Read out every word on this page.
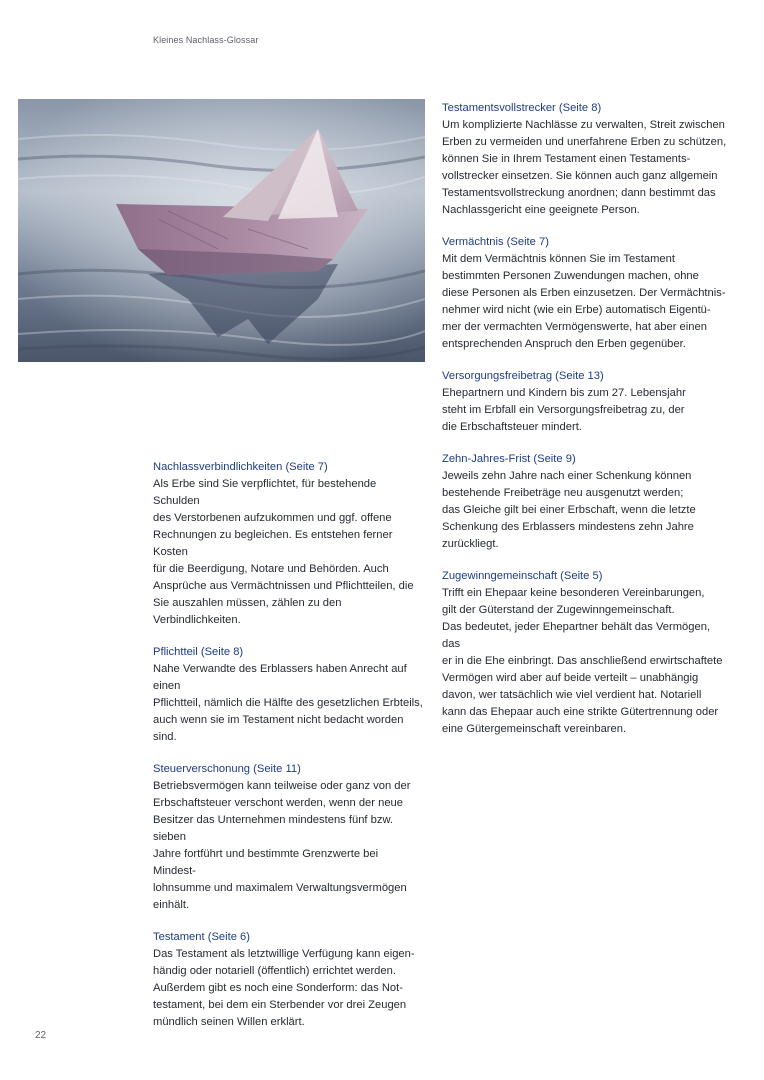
Kleines Nachlass-Glossar
Nachlassverbindlichkeiten (Seite 7)

Als Erbe sind Sie verpflichtet, für bestehende Schulden
des Verstorbenen aufzukommen und ggf. offene
Rechnungen zu begleichen. Es entstehen ferner Kosten
für die Beerdigung, Notare und Behörden. Auch
Ansprüche aus Vermächtnissen und Pflichtteilen, die
Sie auszahlen müssen, zählen zu den Verbindlichkeiten.

Pflichtteil (Seite 8)

Nahe Verwandte des Erblassers haben Anrecht auf einen
Pflichtteil, nämlich die Hälfte des gesetzlichen Erbteils,
auch wenn sie im Testament nicht bedacht worden sind.

Steuerverschonung (Seite 11)

Betriebsvermögen kann teilweise oder ganz von der
Erbschaftsteuer verschont werden, wenn der neue
Besitzer das Unternehmen mindestens fünf bzw. sieben
Jahre fortführt und bestimmte Grenzwerte bei Mindest-
lohnsumme und maximalem Verwaltungsvermögen
einhält.

Testament (Seite 6)

Das Testament als letztwillige Verfügung kann eigen-
händig oder notariell (öffentlich) errichtet werden.
Außerdem gibt es noch eine Sonderform: das Not-
testament, bei dem ein Sterbender vor drei Zeugen
mündlich seinen Willen erklärt.

Testamentsvollstrecker (Seite 8)

Um komplizierte Nachlässe zu verwalten, Streit zwischen
Erben zu vermeiden und unerfahrene Erben zu schützen,
können Sie in Ihrem Testament einen Testaments-
vollstrecker einsetzen. Sie können auch ganz allgemein
Testamentsvollstreckung anordnen; dann bestimmt das
Nachlassgericht eine geeignete Person.

Vermächtnis (Seite 7)

Mit dem Vermächtnis können Sie im Testament
bestimmten Personen Zuwendungen machen, ohne
diese Personen als Erben einzusetzen. Der Vermächtnis-
nehmer wird nicht (wie ein Erbe) automatisch Eigentü-
mer der vermachten Vermögenswerte, hat aber einen
entsprechenden Anspruch den Erben gegenüber.

Versorgungsfreibetrag (Seite 13)

Ehepartnern und Kindern bis zum 27. Lebensjahr
steht im Erbfall ein Versorgungsfreibetrag zu, der
die Erbschaftsteuer mindert.

Zehn-Jahres-Frist (Seite 9)

Jeweils zehn Jahre nach einer Schenkung können
bestehende Freibeträge neu ausgenutzt werden;
das Gleiche gilt bei einer Erbschaft, wenn die letzte
Schenkung des Erblassers mindestens zehn Jahre
zurückliegt.

Zugewinngemeinschaft (Seite 5)

Trifft ein Ehepaar keine besonderen Vereinbarungen,
gilt der Güterstand der Zugewinngemeinschaft.
Das bedeutet, jeder Ehepartner behält das Vermögen, das
er in die Ehe einbringt. Das anschließend erwirtschaftete
Vermögen wird aber auf beide verteilt – unabhängig
davon, wer tatsächlich wie viel verdient hat. Notariell
kann das Ehepaar auch eine strikte Gütertrennung oder
eine Gütergemeinschaft vereinbaren.

22
